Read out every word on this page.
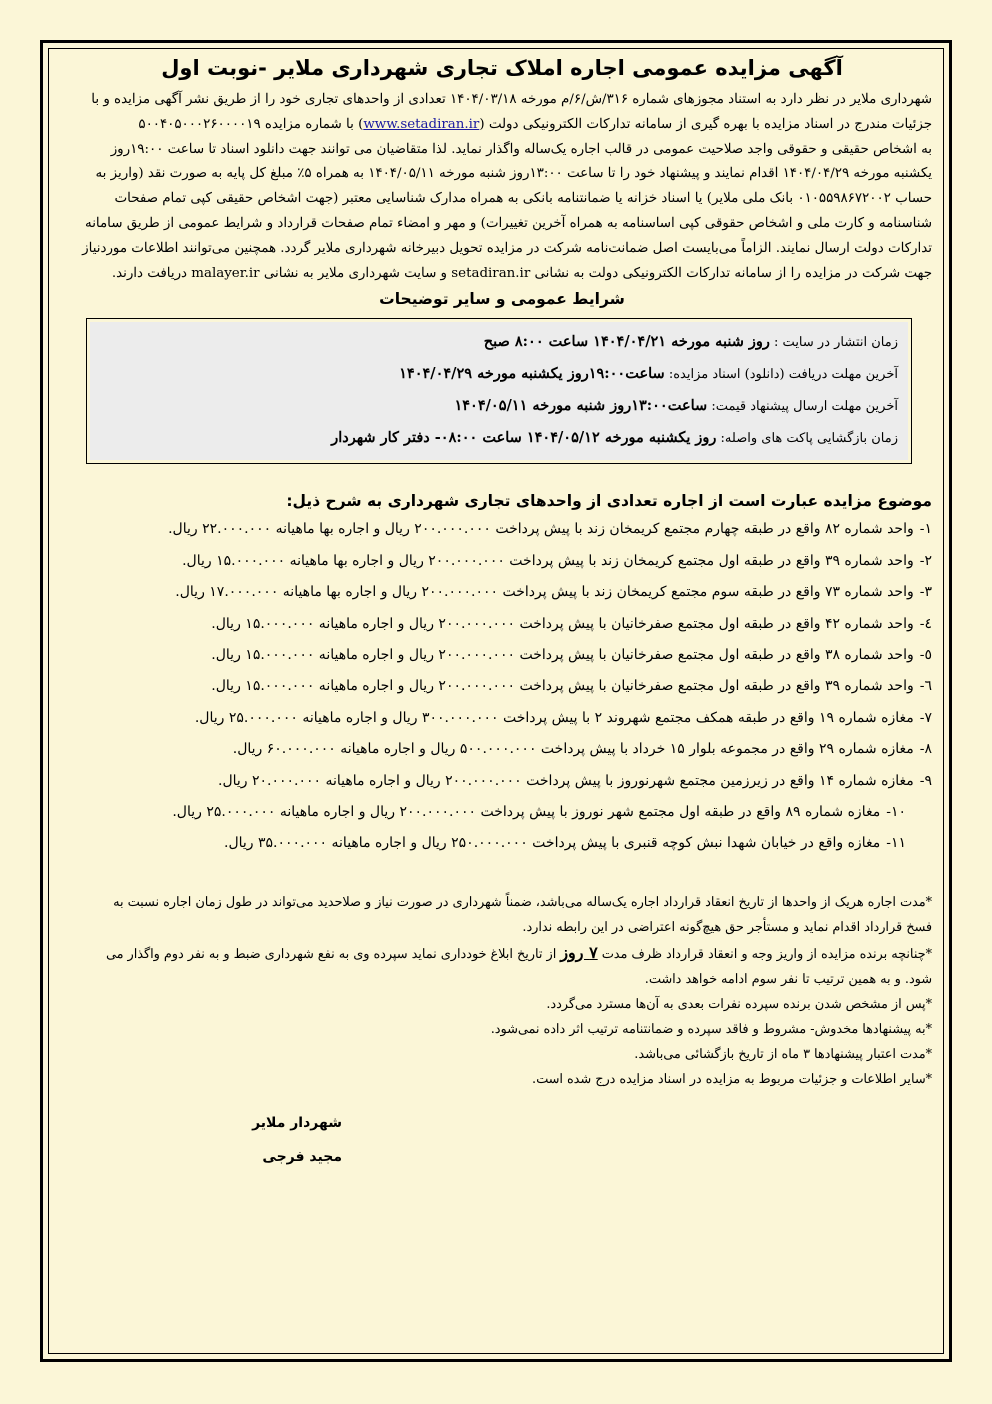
آگهی مزایده عمومی اجاره املاک تجاری شهرداری ملایر -نوبت اول

شهرداری ملایر در نظر دارد به استناد مجوزهای شماره ۳۱۶/ش/۶/م مورخه ۱۴۰۴/۰۳/۱۸ تعدادی از واحدهای تجاری خود را از طریق نشر آگهی مزایده و با

جزئیات مندرج در اسناد مزایده با بهره گیری از سامانه تدارکات الکترونیکی دولت (www.setadiran.ir) با شماره مزایده ۵۰۰۴۰۵۰۰۰۲۶۰۰۰۰۱۹

به اشخاص حقیقی و حقوقی واجد صلاحیت عمومی در قالب اجاره یک‌ساله واگذار نماید. لذا متقاضیان می توانند جهت دانلود اسناد تا ساعت ۱۹:۰۰روز

یکشنبه مورخه ۱۴۰۴/۰۴/۲۹ اقدام نمایند و پیشنهاد خود را تا ساعت ۱۳:۰۰روز شنبه مورخه ۱۴۰۴/۰۵/۱۱ به همراه ۵٪ مبلغ کل پایه به صورت نقد (واریز به

حساب ۰۱۰۵۵۹۸۶۷۲۰۰۲ بانک ملی ملایر) یا اسناد خزانه یا ضمانتنامه بانکی به همراه مدارک شناسایی معتبر (جهت اشخاص حقیقی کپی تمام صفحات

شناسنامه و کارت ملی و اشخاص حقوقی کپی اساسنامه به همراه آخرین تغییرات) و مهر و امضاء تمام صفحات قرارداد و شرایط عمومی از طریق سامانه

تدارکات دولت ارسال نمایند. الزاماً می‌بایست اصل ضمانت‌نامه شرکت در مزایده تحویل دبیرخانه شهرداری ملایر گردد. همچنین می‌توانند اطلاعات موردنیاز

جهت شرکت در مزایده را از سامانه تدارکات الکترونیکی دولت به نشانی setadiran.ir و سایت شهرداری ملایر به نشانی malayer.ir دریافت دارند.

شرایط عمومی و سایر توضیحات
زمان انتشار در سایت : روز شنبه مورخه ۱۴۰۴/۰۴/۲۱ ساعت ۸:۰۰ صبح
آخرین مهلت دریافت (دانلود) اسناد مزایده: ساعت۱۹:۰۰روز یکشنبه مورخه ۱۴۰۴/۰۴/۲۹
آخرین مهلت ارسال پیشنهاد قیمت: ساعت۱۳:۰۰روز شنبه مورخه ۱۴۰۴/۰۵/۱۱
زمان بازگشایی پاکت های واصله: روز یکشنبه مورخه ۱۴۰۴/۰۵/۱۲ ساعت ۰۸:۰۰- دفتر کار شهردار
موضوع مزایده عبارت است از اجاره تعدادی از واحدهای تجاری شهرداری به شرح ذیل:
۱-واحد شماره ۸۲ واقع در طبقه چهارم مجتمع کریمخان زند با پیش پرداخت ۲۰۰.۰۰۰.۰۰۰ ریال و اجاره بها ماهیانه ۲۲.۰۰۰.۰۰۰ ریال.
۲-واحد شماره ۳۹ واقع در طبقه اول مجتمع کریمخان زند با پیش پرداخت ۲۰۰.۰۰۰.۰۰۰ ریال و اجاره بها ماهیانه ۱۵.۰۰۰.۰۰۰ ریال.
۳-واحد شماره ۷۳ واقع در طبقه سوم مجتمع کریمخان زند با پیش پرداخت ۲۰۰.۰۰۰.۰۰۰ ریال و اجاره بها ماهیانه ۱۷.۰۰۰.۰۰۰ ریال.
٤-واحد شماره ۴۲ واقع در طبقه اول مجتمع صفرخانیان با پیش پرداخت ۲۰۰.۰۰۰.۰۰۰ ریال و اجاره ماهیانه ۱۵.۰۰۰.۰۰۰ ریال.
٥-واحد شماره ۳۸ واقع در طبقه اول مجتمع صفرخانیان با پیش پرداخت ۲۰۰.۰۰۰.۰۰۰ ریال و اجاره ماهیانه ۱۵.۰۰۰.۰۰۰ ریال.
٦-واحد شماره ۳۹ واقع در طبقه اول مجتمع صفرخانیان با پیش پرداخت ۲۰۰.۰۰۰.۰۰۰ ریال و اجاره ماهیانه ۱۵.۰۰۰.۰۰۰ ریال.
۷-مغازه شماره ۱۹ واقع در طبقه همکف مجتمع شهروند ۲ با پیش پرداخت ۳۰۰.۰۰۰.۰۰۰ ریال و اجاره ماهیانه ۲۵.۰۰۰.۰۰۰ ریال.
۸-مغازه شماره ۲۹ واقع در مجموعه بلوار ۱۵ خرداد با پیش پرداخت ۵۰۰.۰۰۰.۰۰۰ ریال و اجاره ماهیانه ۶۰.۰۰۰.۰۰۰ ریال.
۹-مغازه شماره ۱۴ واقع در زیرزمین مجتمع شهرنوروز با پیش پرداخت ۲۰۰.۰۰۰.۰۰۰ ریال و اجاره ماهیانه ۲۰.۰۰۰.۰۰۰ ریال.
۱۰-مغازه شماره ۸۹ واقع در طبقه اول مجتمع شهر نوروز با پیش پرداخت ۲۰۰.۰۰۰.۰۰۰ ریال و اجاره ماهیانه ۲۵.۰۰۰.۰۰۰ ریال.
۱۱-مغازه واقع در خیابان شهدا نبش کوچه قنبری با پیش پرداخت ۲۵۰.۰۰۰.۰۰۰ ریال و اجاره ماهیانه ۳۵.۰۰۰.۰۰۰ ریال.

*مدت اجاره هریک از واحدها از تاریخ انعقاد قرارداد اجاره یک‌ساله می‌باشد، ضمناً شهرداری در صورت نیاز و صلاحدید می‌تواند در طول زمان اجاره نسبت به

فسخ قرارداد اقدام نماید و مستأجر حق هیچ‌گونه اعتراضی در این رابطه ندارد.

*چنانچه برنده مزایده از واریز وجه و انعقاد قرارداد ظرف مدت ۷ روز از تاریخ ابلاغ خودداری نماید سپرده وی به نفع شهرداری ضبط و به نفر دوم واگذار می

شود. و به همین ترتیب تا نفر سوم ادامه خواهد داشت.

*پس از مشخص شدن برنده سپرده نفرات بعدی به آن‌ها مسترد می‌گردد.

*به پیشنهادها مخدوش- مشروط و فاقد سپرده و ضمانتنامه ترتیب اثر داده نمی‌شود.

*مدت اعتبار پیشنهادها ۳ ماه از تاریخ بازگشائی می‌باشد.

*سایر اطلاعات و جزئیات مربوط به مزایده در اسناد مزایده درج شده است.

شهردار ملایر
مجید فرجی
